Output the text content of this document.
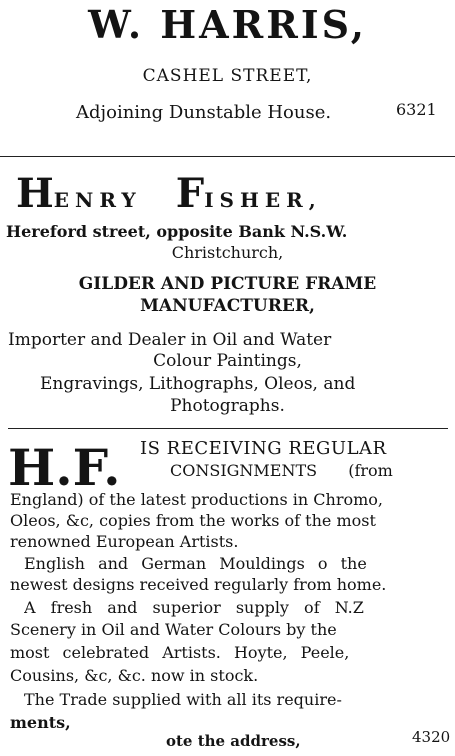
W. HARRIS,
CASHEL STREET,
Adjoining Dunstable House.	6321
HENRY FISHER,
Hereford street, opposite Bank N.S.W.
Christchurch,
GILDER AND PICTURE FRAME
MANUFACTURER,
Importer and Dealer in Oil and Water
Colour Paintings,
Engravings, Lithographs, Oleos, and
Photographs.
H.F. IS RECEIVING REGULAR
CONSIGNMENTS (from
England) of the latest productions in Chromo,
Oleos, &c, copies from the works of the most
renowned European Artists.
English and German Mouldings o the
newest designs received regularly from home.
A fresh and superior supply of N.Z
Scenery in Oil and Water Colours by the
most celebrated Artists. Hoyte, Peele,
Cousins, &c, &c. now in stock.
The Trade supplied with all its require-
ments,
ote the address,	4320
